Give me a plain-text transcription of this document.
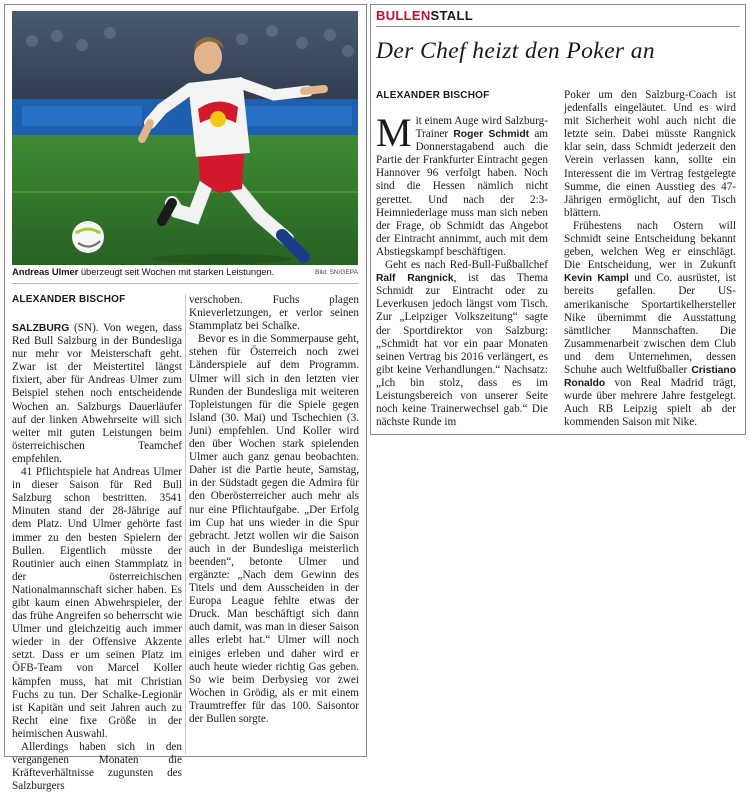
Andreas Ulmer überzeugt seit Wochen mit starken Leistungen.	Bild: SN/GEPA
ALEXANDER BISCHOF

SALZBURG (SN). Von wegen, dass Red Bull Salzburg in der Bundesliga nur mehr vor Meisterschaft geht. Zwar ist der Meistertitel längst fixiert, aber für Andreas Ulmer zum Beispiel stehen noch entscheidende Wochen an. Salzburgs Dauerläufer auf der linken Abwehrseite will sich weiter mit guten Leistungen beim österreichischen Teamchef empfehlen.

41 Pflichtspiele hat Andreas Ulmer in dieser Saison für Red Bull Salzburg schon bestritten. 3541 Minuten stand der 28-Jährige auf dem Platz. Und Ulmer gehörte fast immer zu den besten Spielern der Bullen. Eigentlich müsste der Routinier auch einen Stammplatz in der österreichischen Nationalmannschaft sicher haben. Es gibt kaum einen Abwehrspieler, der das frühe Angreifen so beherrscht wie Ulmer und gleichzeitig auch immer wieder in der Offensive Akzente setzt. Dass er um seinen Platz im ÖFB-Team von Marcel Koller kämpfen muss, hat mit Christian Fuchs zu tun. Der Schalke-Legionär ist Kapitän und seit Jahren auch zu Recht eine fixe Größe in der heimischen Auswahl.

Allerdings haben sich in den vergangenen Monaten die Kräfteverhältnisse zugunsten des Salzburgers

verschoben. Fuchs plagen Knieverletzungen, er verlor seinen Stammplatz bei Schalke.

Bevor es in die Sommerpause geht, stehen für Österreich noch zwei Länderspiele auf dem Programm. Ulmer will sich in den letzten vier Runden der Bundesliga mit weiteren Topleistungen für die Spiele gegen Island (30. Mai) und Tschechien (3. Juni) empfehlen. Und Koller wird den über Wochen stark spielenden Ulmer auch ganz genau beobachten. Daher ist die Partie heute, Samstag, in der Südstadt gegen die Admira für den Oberösterreicher auch mehr als nur eine Pflichtaufgabe. „Der Erfolg im Cup hat uns wieder in die Spur gebracht. Jetzt wollen wir die Saison auch in der Bundesliga meisterlich beenden“, betonte Ulmer und ergänzte: „Nach dem Gewinn des Titels und dem Ausscheiden in der Europa League fehlte etwas der Druck. Man beschäftigt sich dann auch damit, was man in dieser Saison alles erlebt hat.“ Ulmer will noch einiges erleben und daher wird er auch heute wieder richtig Gas geben. So wie beim Derbysieg vor zwei Wochen in Grödig, als er mit einem Traumtreffer für das 100. Saisontor der Bullen sorgte.

BULLENSTALL
Der Chef heizt den Poker an
ALEXANDER BISCHOF

Mit einem Auge wird Salzburg-Trainer Roger Schmidt am Donnerstagabend auch die Partie der Frankfurter Eintracht gegen Hannover 96 verfolgt haben. Noch sind die Hessen nämlich nicht gerettet. Und nach der 2:3-Heimniederlage muss man sich neben der Frage, ob Schmidt das Angebot der Eintracht annimmt, auch mit dem Abstiegskampf beschäftigen.

Geht es nach Red-Bull-Fußballchef Ralf Rangnick, ist das Thema Schmidt zur Eintracht oder zu Leverkusen jedoch längst vom Tisch. Zur „Leipziger Volkszeitung“ sagte der Sportdirektor von Salzburg: „Schmidt hat vor ein paar Monaten seinen Vertrag bis 2016 verlängert, es gibt keine Verhandlungen.“ Nachsatz: „Ich bin stolz, dass es im Leistungsbereich von unserer Seite noch keine Trainerwechsel gab.“ Die nächste Runde im

Poker um den Salzburg-Coach ist jedenfalls eingeläutet. Und es wird mit Sicherheit wohl auch nicht die letzte sein. Dabei müsste Rangnick klar sein, dass Schmidt jederzeit den Verein verlassen kann, sollte ein Interessent die im Vertrag festgelegte Summe, die einen Ausstieg des 47-Jährigen ermöglicht, auf den Tisch blättern.

Frühestens nach Ostern will Schmidt seine Entscheidung bekannt geben, welchen Weg er einschlägt. Die Entscheidung, wer in Zukunft Kevin Kampl und Co. ausrüstet, ist bereits gefallen. Der US-amerikanische Sportartikelhersteller Nike übernimmt die Ausstattung sämtlicher Mannschaften. Die Zusammenarbeit zwischen dem Club und dem Unternehmen, dessen Schuhe auch Weltfußballer Cristiano Ronaldo von Real Madrid trägt, wurde über mehrere Jahre festgelegt. Auch RB Leipzig spielt ab der kommenden Saison mit Nike.
